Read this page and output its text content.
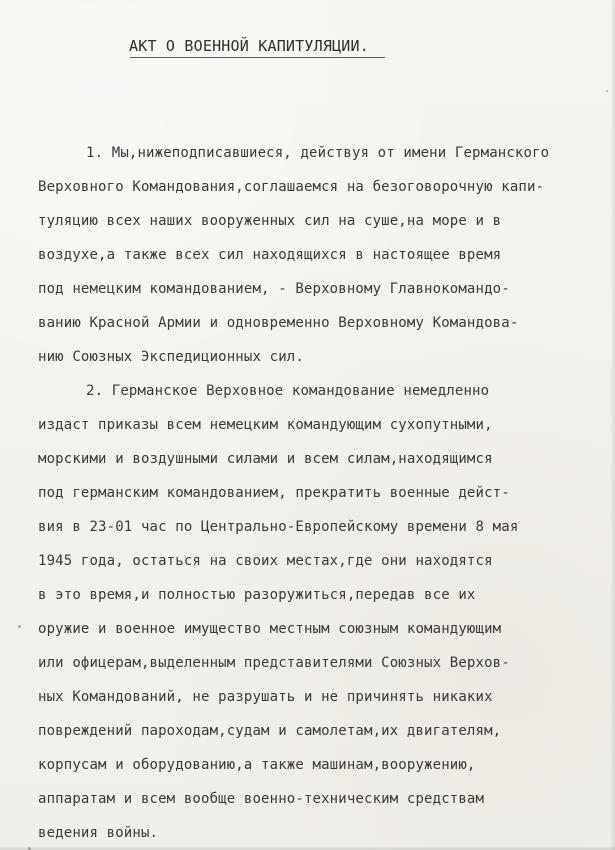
АКТ О ВОЕННОЙ КАПИТУЛЯЦИИ.
1. Мы,нижеподписавшиеся, действуя от имени Германского
Верховного Командования,соглашаемся на безоговорочную капи-
туляцию всех наших вооруженных сил на суше,на море и в
воздухе,а также всех сил находящихся в настоящее время
под немецким командованием, - Верховному Главнокомандо-
ванию Красной Армии и одновременно Верховному Командова-
нию Союзных Экспедиционных сил.
2. Германское Верховное командование немедленно
издаст приказы всем немецким командующим сухопутными,
морскими и воздушными силами и всем силам,находящимся
под германским командованием, прекратить военные дейст-
вия в 23-01 час по Центрально-Европейскому времени 8 мая
1945 года, остаться на своих местах,где они находятся
в это время,и полностью разоружиться,передав все их
оружие и военное имущество местным союзным командующим
или офицерам,выделенным представителями Союзных Верхов-
ных Командований, не разрушать и не причинять никаких
повреждений пароходам,судам и самолетам,их двигателям,
корпусам и оборудованию,а также машинам,вооружению,
аппаратам и всем вообще военно-техническим средствам
ведения войны.
